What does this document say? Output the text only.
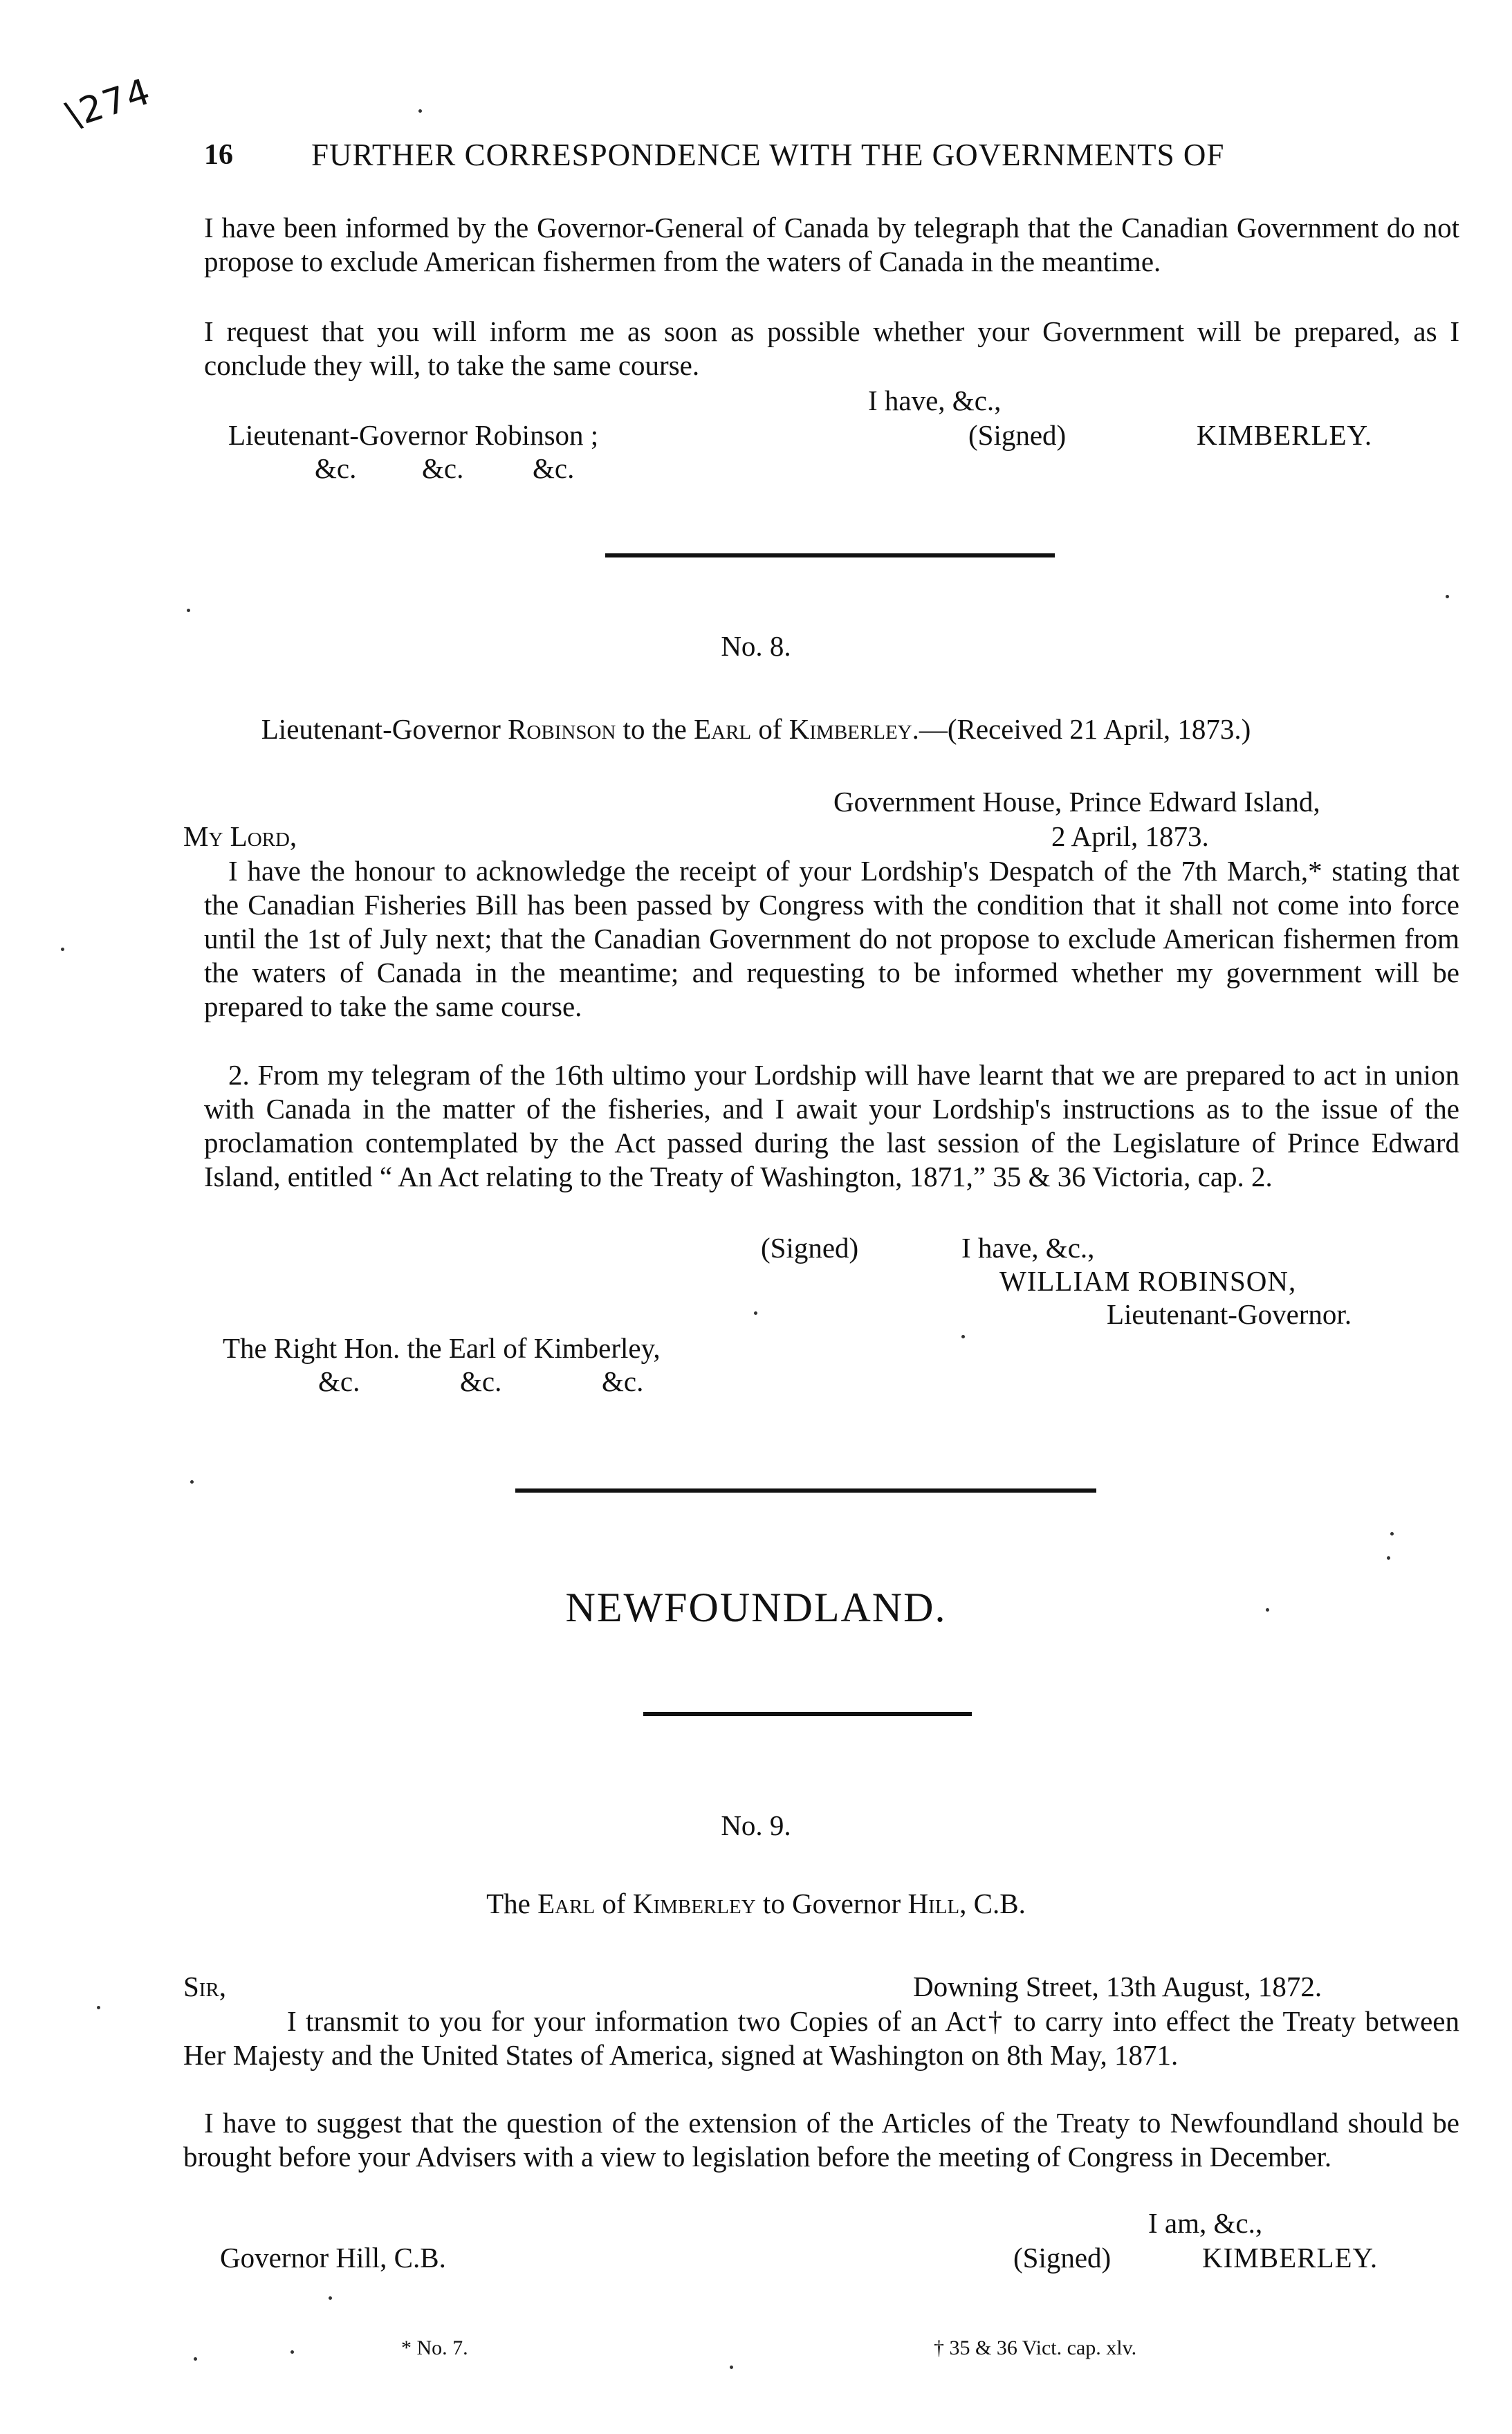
\274
16	FURTHER CORRESPONDENCE WITH THE GOVERNMENTS OF

I have been informed by the Governor-General of Canada by telegraph that the Canadian Government do not propose to exclude American fishermen from the waters of Canada in the meantime.

I request that you will inform me as soon as possible whether your Government will be prepared, as I conclude they will, to take the same course.

I have, &c.,
Lieutenant-Governor Robinson ;	(Signed)	KIMBERLEY.
&c. &c. &c.
No. 8.
Lieutenant-Governor Robinson to the Earl of Kimberley.—(Received 21 April, 1873.)
Government House, Prince Edward Island,
My Lord,	2 April, 1873.

I have the honour to acknowledge the receipt of your Lordship's Despatch of the 7th March,* stating that the Canadian Fisheries Bill has been passed by Congress with the condition that it shall not come into force until the 1st of July next; that the Canadian Government do not propose to exclude American fishermen from the waters of Canada in the meantime; and requesting to be informed whether my government will be prepared to take the same course.

2. From my telegram of the 16th ultimo your Lordship will have learnt that we are prepared to act in union with Canada in the matter of the fisheries, and I await your Lordship's instructions as to the issue of the proclamation contemplated by the Act passed during the last session of the Legislature of Prince Edward Island, entitled “ An Act relating to the Treaty of Washington, 1871,” 35 & 36 Victoria, cap. 2.

(Signed)	I have, &c.,
WILLIAM ROBINSON,
Lieutenant-Governor.
The Right Hon. the Earl of Kimberley,
&c.	&c.	&c.
NEWFOUNDLAND.
No. 9.
The Earl of Kimberley to Governor Hill, C.B.
Sir,	Downing Street, 13th August, 1872.

I transmit to you for your information two Copies of an Act† to carry into effect the Treaty between Her Majesty and the United States of America, signed at Washington on 8th May, 1871.

I have to suggest that the question of the extension of the Articles of the Treaty to Newfoundland should be brought before your Advisers with a view to legislation before the meeting of Congress in December.

I am, &c.,
Governor Hill, C.B.	(Signed)	KIMBERLEY.
* No. 7.	† 35 & 36 Vict. cap. xlv.
